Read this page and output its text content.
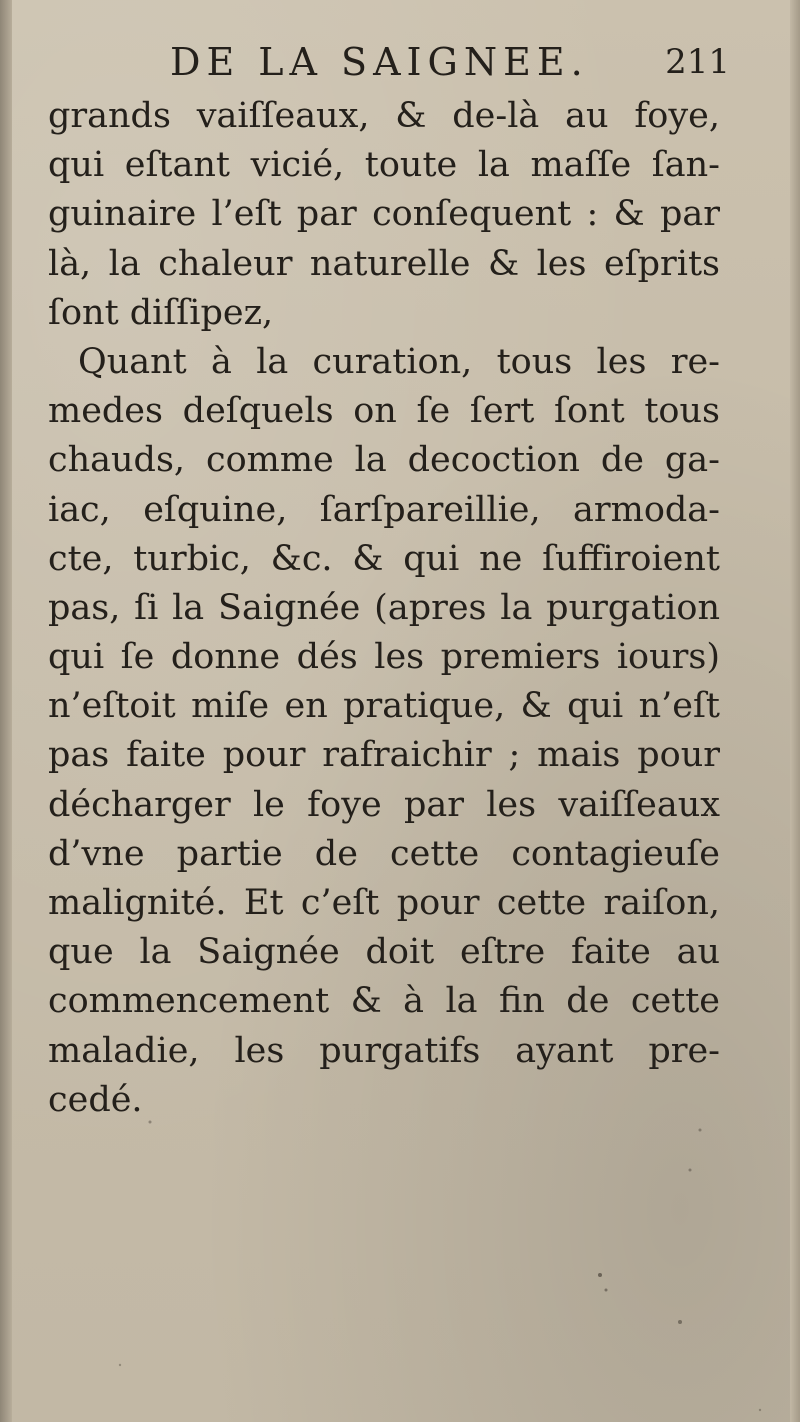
DE LA SAIGNEE. 211
grands vaiſſeaux, & de-là au foye,
qui eſtant vicié, toute la maſſe ſan-
guinaire l’eſt par conſequent : & par
là, la chaleur naturelle & les eſprits
ſont diſſipez,
Quant à la curation, tous les re-
medes deſquels on ſe ſert ſont tous
chauds, comme la decoction de ga-
iac, eſquine, ſarſpareillie, armoda-
cte, turbic, &c. & qui ne ſuffiroient
pas, ſi la Saignée (apres la purgation
qui ſe donne dés les premiers iours)
n’eſtoit miſe en pratique, & qui n’eſt
pas faite pour rafraichir ; mais pour
décharger le foye par les vaiſſeaux
d’vne partie de cette contagieuſe
malignité. Et c’eſt pour cette raiſon,
que la Saignée doit eſtre faite au
commencement & à la fin de cette
maladie, les purgatifs ayant pre-
cedé.
